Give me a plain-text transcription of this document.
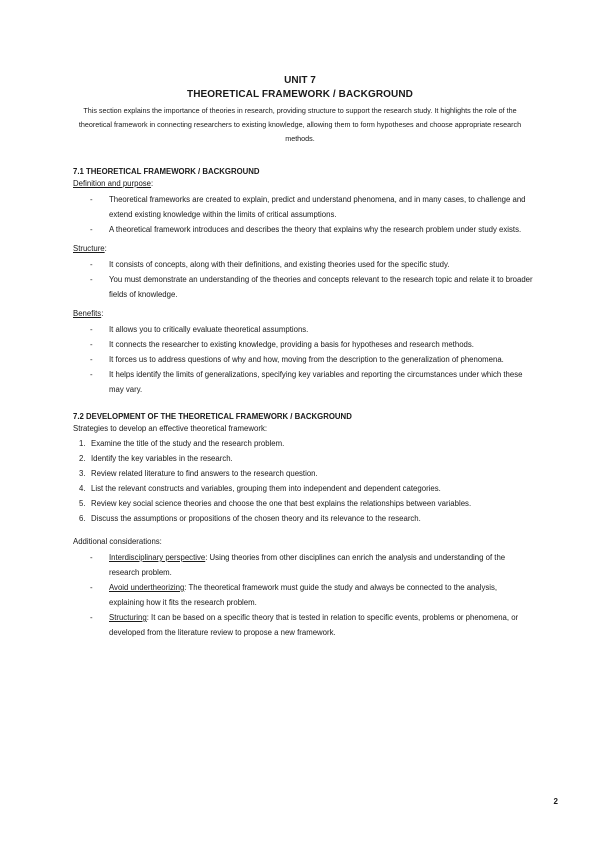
UNIT 7
THEORETICAL FRAMEWORK / BACKGROUND
This section explains the importance of theories in research, providing structure to support the research study. It highlights the role of the theoretical framework in connecting researchers to existing knowledge, allowing them to form hypotheses and choose appropriate research methods.
7.1 THEORETICAL FRAMEWORK / BACKGROUND
Definition and purpose:
- Theoretical frameworks are created to explain, predict and understand phenomena, and in many cases, to challenge and extend existing knowledge within the limits of critical assumptions.
- A theoretical framework introduces and describes the theory that explains why the research problem under study exists.
Structure:
- It consists of concepts, along with their definitions, and existing theories used for the specific study.
- You must demonstrate an understanding of the theories and concepts relevant to the research topic and relate it to broader fields of knowledge.
Benefits:
- It allows you to critically evaluate theoretical assumptions.
- It connects the researcher to existing knowledge, providing a basis for hypotheses and research methods.
- It forces us to address questions of why and how, moving from the description to the generalization of phenomena.
- It helps identify the limits of generalizations, specifying key variables and reporting the circumstances under which these may vary.
7.2 DEVELOPMENT OF THE THEORETICAL FRAMEWORK / BACKGROUND
Strategies to develop an effective theoretical framework:
1. Examine the title of the study and the research problem.
2. Identify the key variables in the research.
3. Review related literature to find answers to the research question.
4. List the relevant constructs and variables, grouping them into independent and dependent categories.
5. Review key social science theories and choose the one that best explains the relationships between variables.
6. Discuss the assumptions or propositions of the chosen theory and its relevance to the research.
Additional considerations:
- Interdisciplinary perspective: Using theories from other disciplines can enrich the analysis and understanding of the research problem.
- Avoid undertheorizing: The theoretical framework must guide the study and always be connected to the analysis, explaining how it fits the research problem.
- Structuring: It can be based on a specific theory that is tested in relation to specific events, problems or phenomena, or developed from the literature review to propose a new framework.
2
